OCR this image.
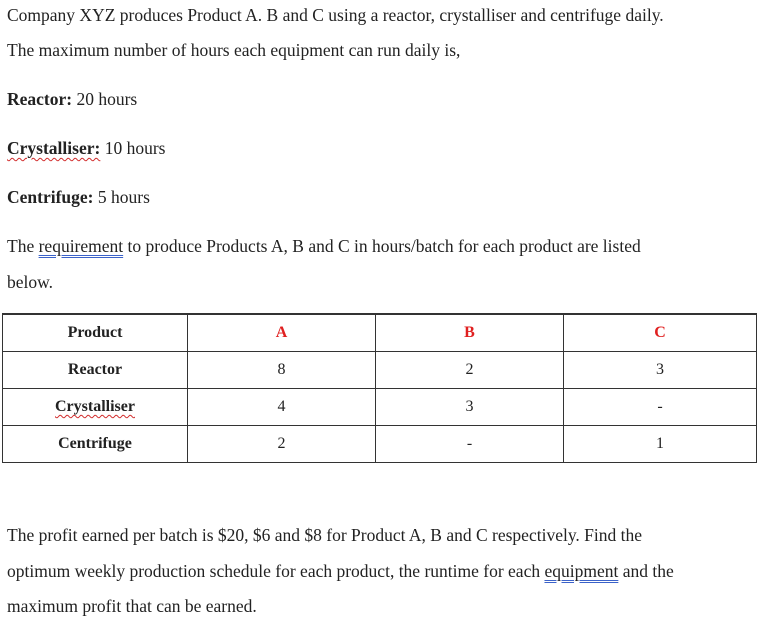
Company XYZ produces Product A. B and C using a reactor, crystalliser and centrifuge daily.
The maximum number of hours each equipment can run daily is,
Reactor: 20 hours
Crystalliser: 10 hours
Centrifuge: 5 hours
The requirement to produce Products A, B and C in hours/batch for each product are listed
below.
Product	A	B	C
Reactor	8	2	3
Crystalliser	4	3	-
Centrifuge	2	-	1
The profit earned per batch is $20, $6 and $8 for Product A, B and C respectively. Find the
optimum weekly production schedule for each product, the runtime for each equipment and the
maximum profit that can be earned.
